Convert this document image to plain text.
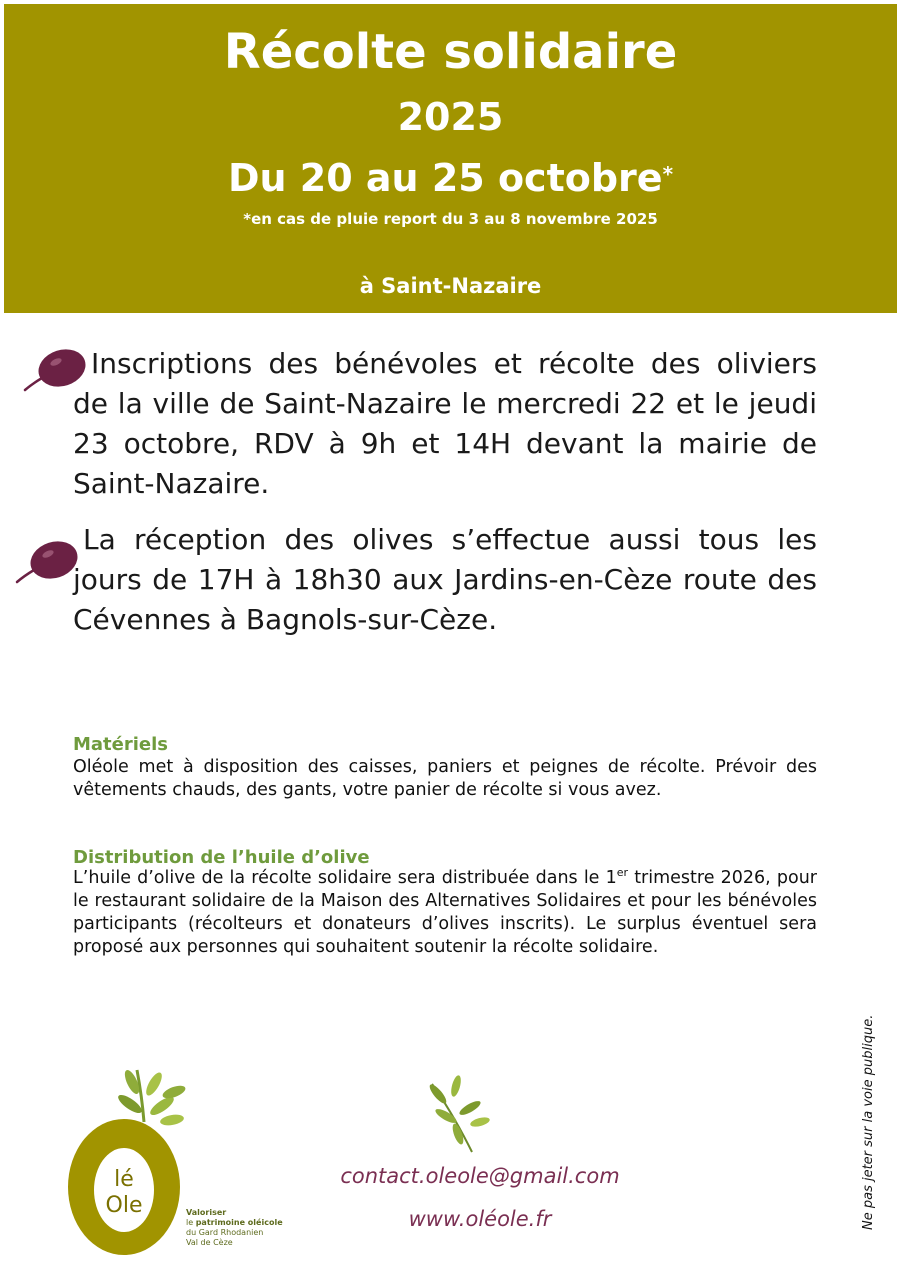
Récolte solidaire
2025
Du 20 au 25 octobre*
*en cas de pluie report du 3 au 8 novembre 2025
à Saint-Nazaire
Inscriptions des bénévoles et récolte des oliviers de la ville de Saint-Nazaire le mercredi 22 et le jeudi 23 octobre, RDV à 9h et 14H devant la mairie de Saint-Nazaire.
La réception des olives s’effectue aussi tous les jours de 17H à 18h30 aux Jardins-en-Cèze route des Cévennes à Bagnols-sur-Cèze.
Matériels
Oléole met à disposition des caisses, paniers et peignes de récolte. Prévoir des vêtements chauds, des gants, votre panier de récolte si vous avez.
Distribution de l’huile d’olive
L’huile d’olive de la récolte solidaire sera distribuée dans le 1er trimestre 2026, pour le restaurant solidaire de la Maison des Alternatives Solidaires et pour les bénévoles participants (récolteurs et donateurs d’olives inscrits). Le surplus éventuel sera proposé aux personnes qui souhaitent soutenir la récolte solidaire.
Ne pas jeter sur la voie publique.
lé
Ole	Valoriser
le patrimoine oléicole
du Gard Rhodanien
Val de Cèze
contact.oleole@gmail.com
www.oléole.fr
